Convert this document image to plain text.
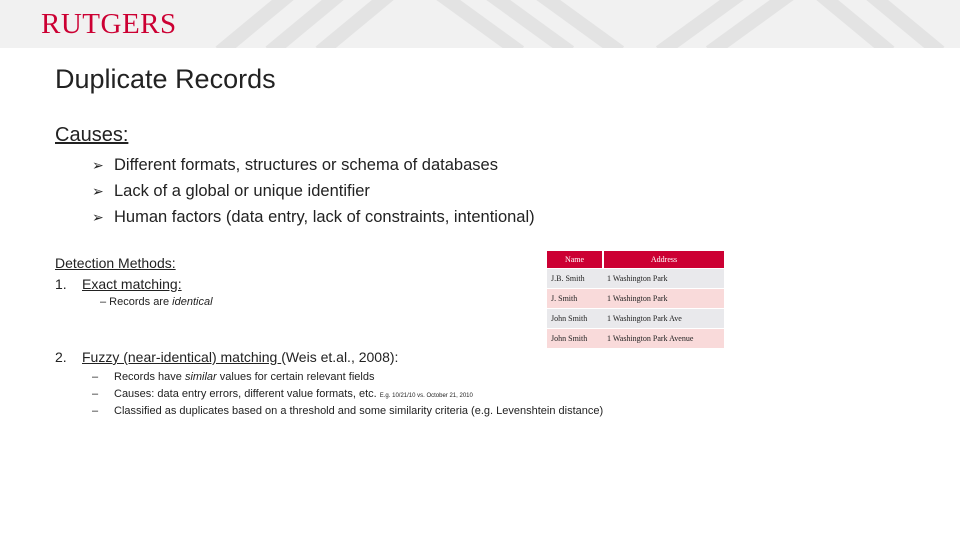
RUTGERS
Duplicate Records
Causes:
➢ Different formats, structures or schema of databases
➢ Lack of a global or unique identifier
➢ Human factors (data entry, lack of constraints, intentional)
Detection Methods:
1. Exact matching:
– Records are identical
Name	Address
J.B. Smith	1 Washington Park
J. Smith	1 Washington Park
John Smith	1 Washington Park Ave
John Smith	1 Washington Park Avenue
2. Fuzzy (near-identical) matching (Weis et.al., 2008):
–	Records have similar values for certain relevant fields
–	Causes: data entry errors, different value formats, etc. E.g. 10/21/10 vs. October 21, 2010
–	Classified as duplicates based on a threshold and some similarity criteria (e.g. Levenshtein distance)
